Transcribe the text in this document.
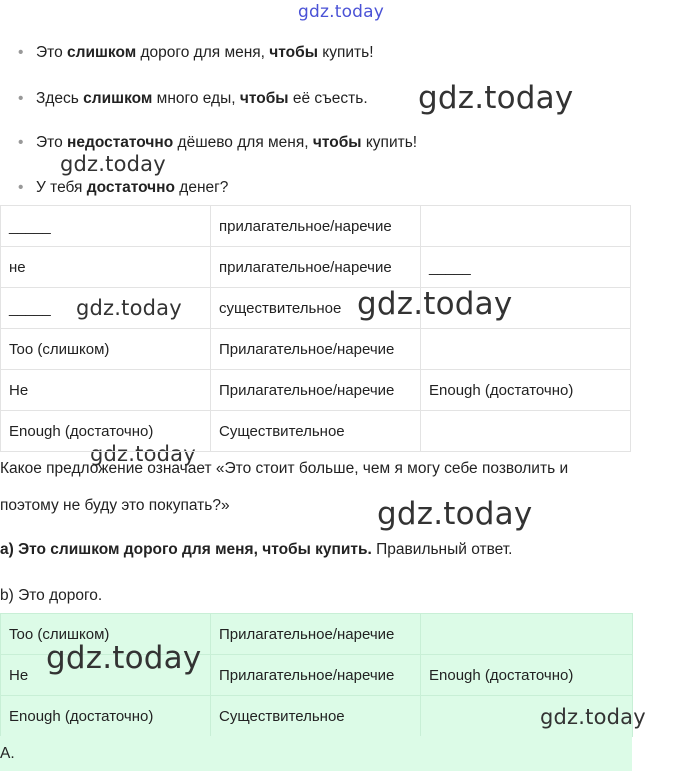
gdz.today
gdz.today
gdz.today
gdz.today	gdz.today
gdz.today
gdz.today
• Это слишком дорого для меня, чтобы купить!
• Здесь слишком много еды, чтобы её съесть.
• Это недостаточно дёшево для меня, чтобы купить!
• У тебя достаточно денег?
_____	прилагательное/наречие	
не	прилагательное/наречие	_____
_____	существительное	
Too (слишком)	Прилагательное/наречие	
Не	Прилагательное/наречие	Enough (достаточно)
Enough (достаточно)	Существительное	
Какое предложение означает «Это стоит больше, чем я могу себе позволить и
поэтому не буду это покупать?»
a) Это слишком дорого для меня, чтобы купить. Правильный ответ.
b) Это дорого.
Too (слишком)	Прилагательное/наречие	
Не	Прилагательное/наречие	Enough (достаточно)
Enough (достаточно)	Существительное	
A.
gdz.today
gdz.today
